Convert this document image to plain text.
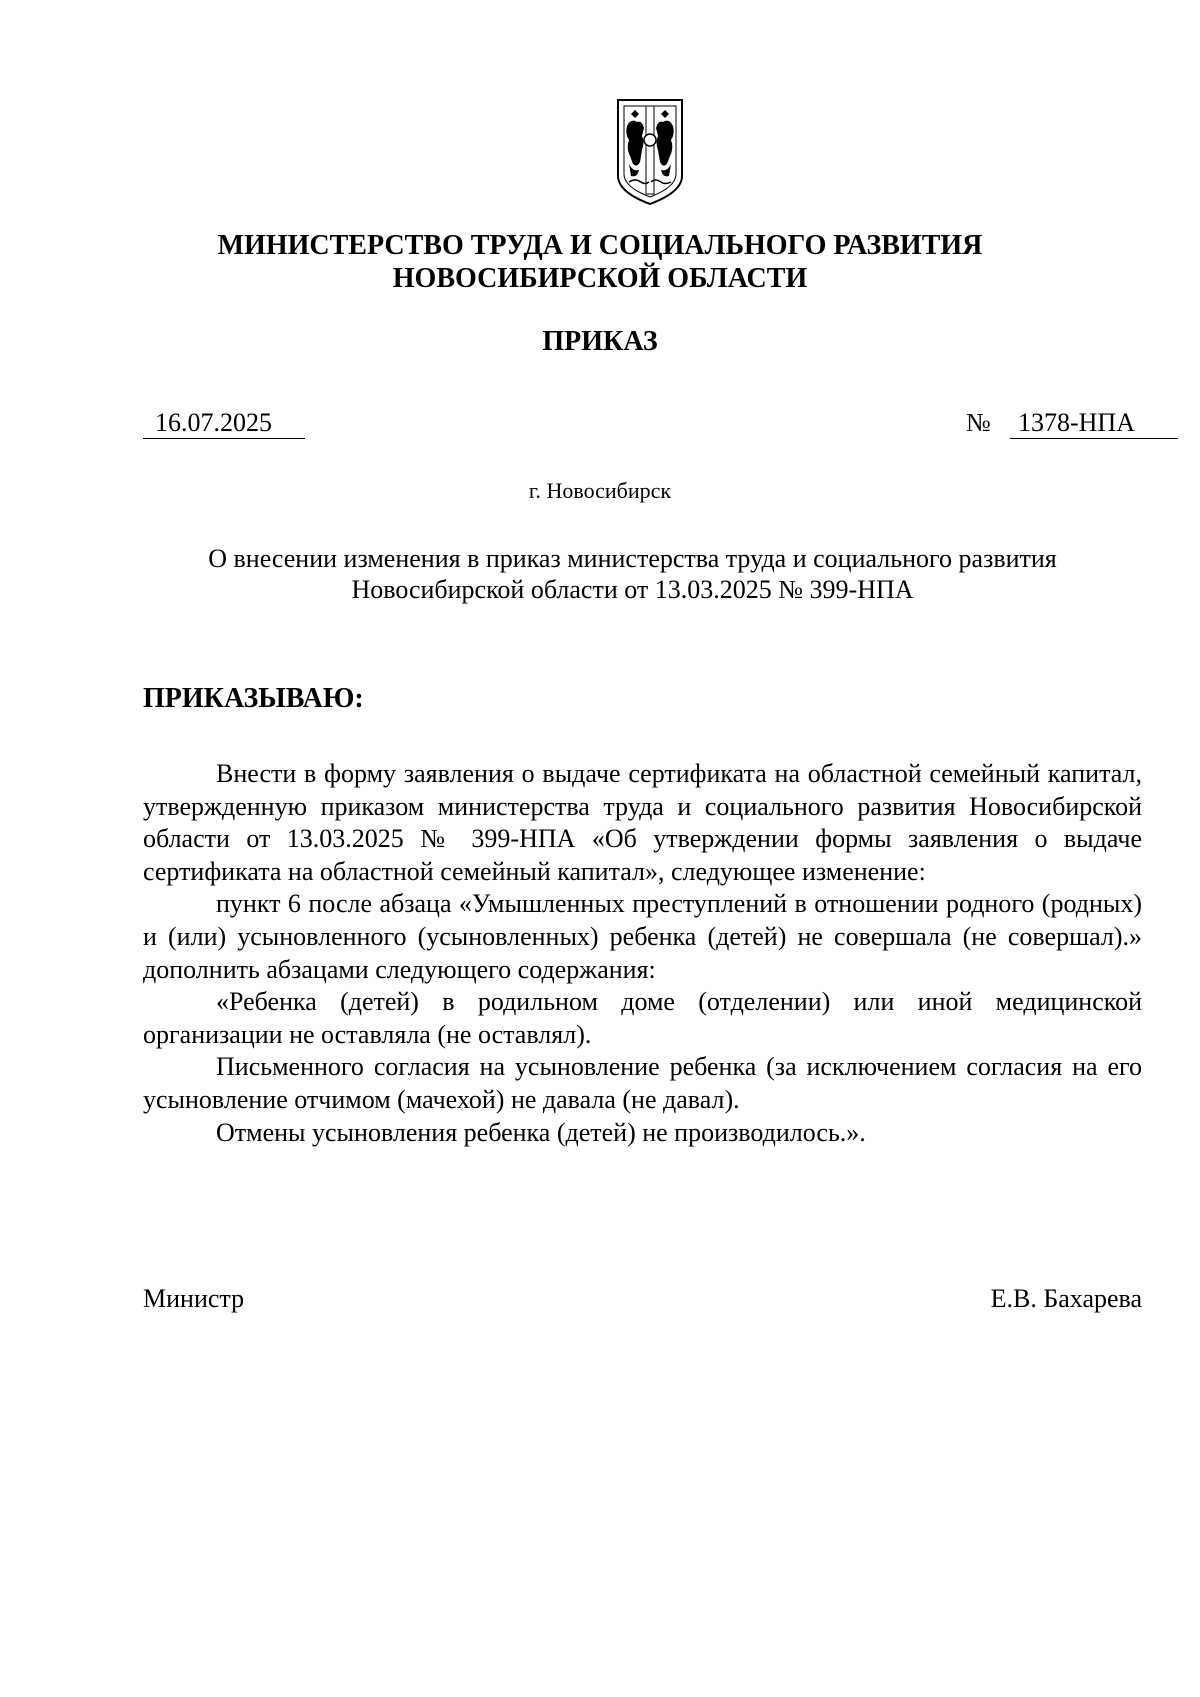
МИНИСТЕРСТВО ТРУДА И СОЦИАЛЬНОГО РАЗВИТИЯ
НОВОСИБИРСКОЙ ОБЛАСТИ
ПРИКАЗ
16.07.2025	№	1378-НПА
г. Новосибирск
О внесении изменения в приказ министерства труда и социального развития
Новосибирской области от 13.03.2025 № 399-НПА
ПРИКАЗЫВАЮ:

Внести в форму заявления о выдаче сертификата на областной семейный капитал, утвержденную приказом министерства труда и социального развития Новосибирской области от 13.03.2025 № 399-НПА «Об утверждении формы заявления о выдаче сертификата на областной семейный капитал», следующее изменение:

пункт 6 после абзаца «Умышленных преступлений в отношении родного (родных) и (или) усыновленного (усыновленных) ребенка (детей) не совершала (не совершал).» дополнить абзацами следующего содержания:

«Ребенка (детей) в родильном доме (отделении) или иной медицинской организации не оставляла (не оставлял).

Письменного согласия на усыновление ребенка (за исключением согласия на его усыновление отчимом (мачехой) не давала (не давал).

Отмены усыновления ребенка (детей) не производилось.».

Министр	Е.В. Бахарева
